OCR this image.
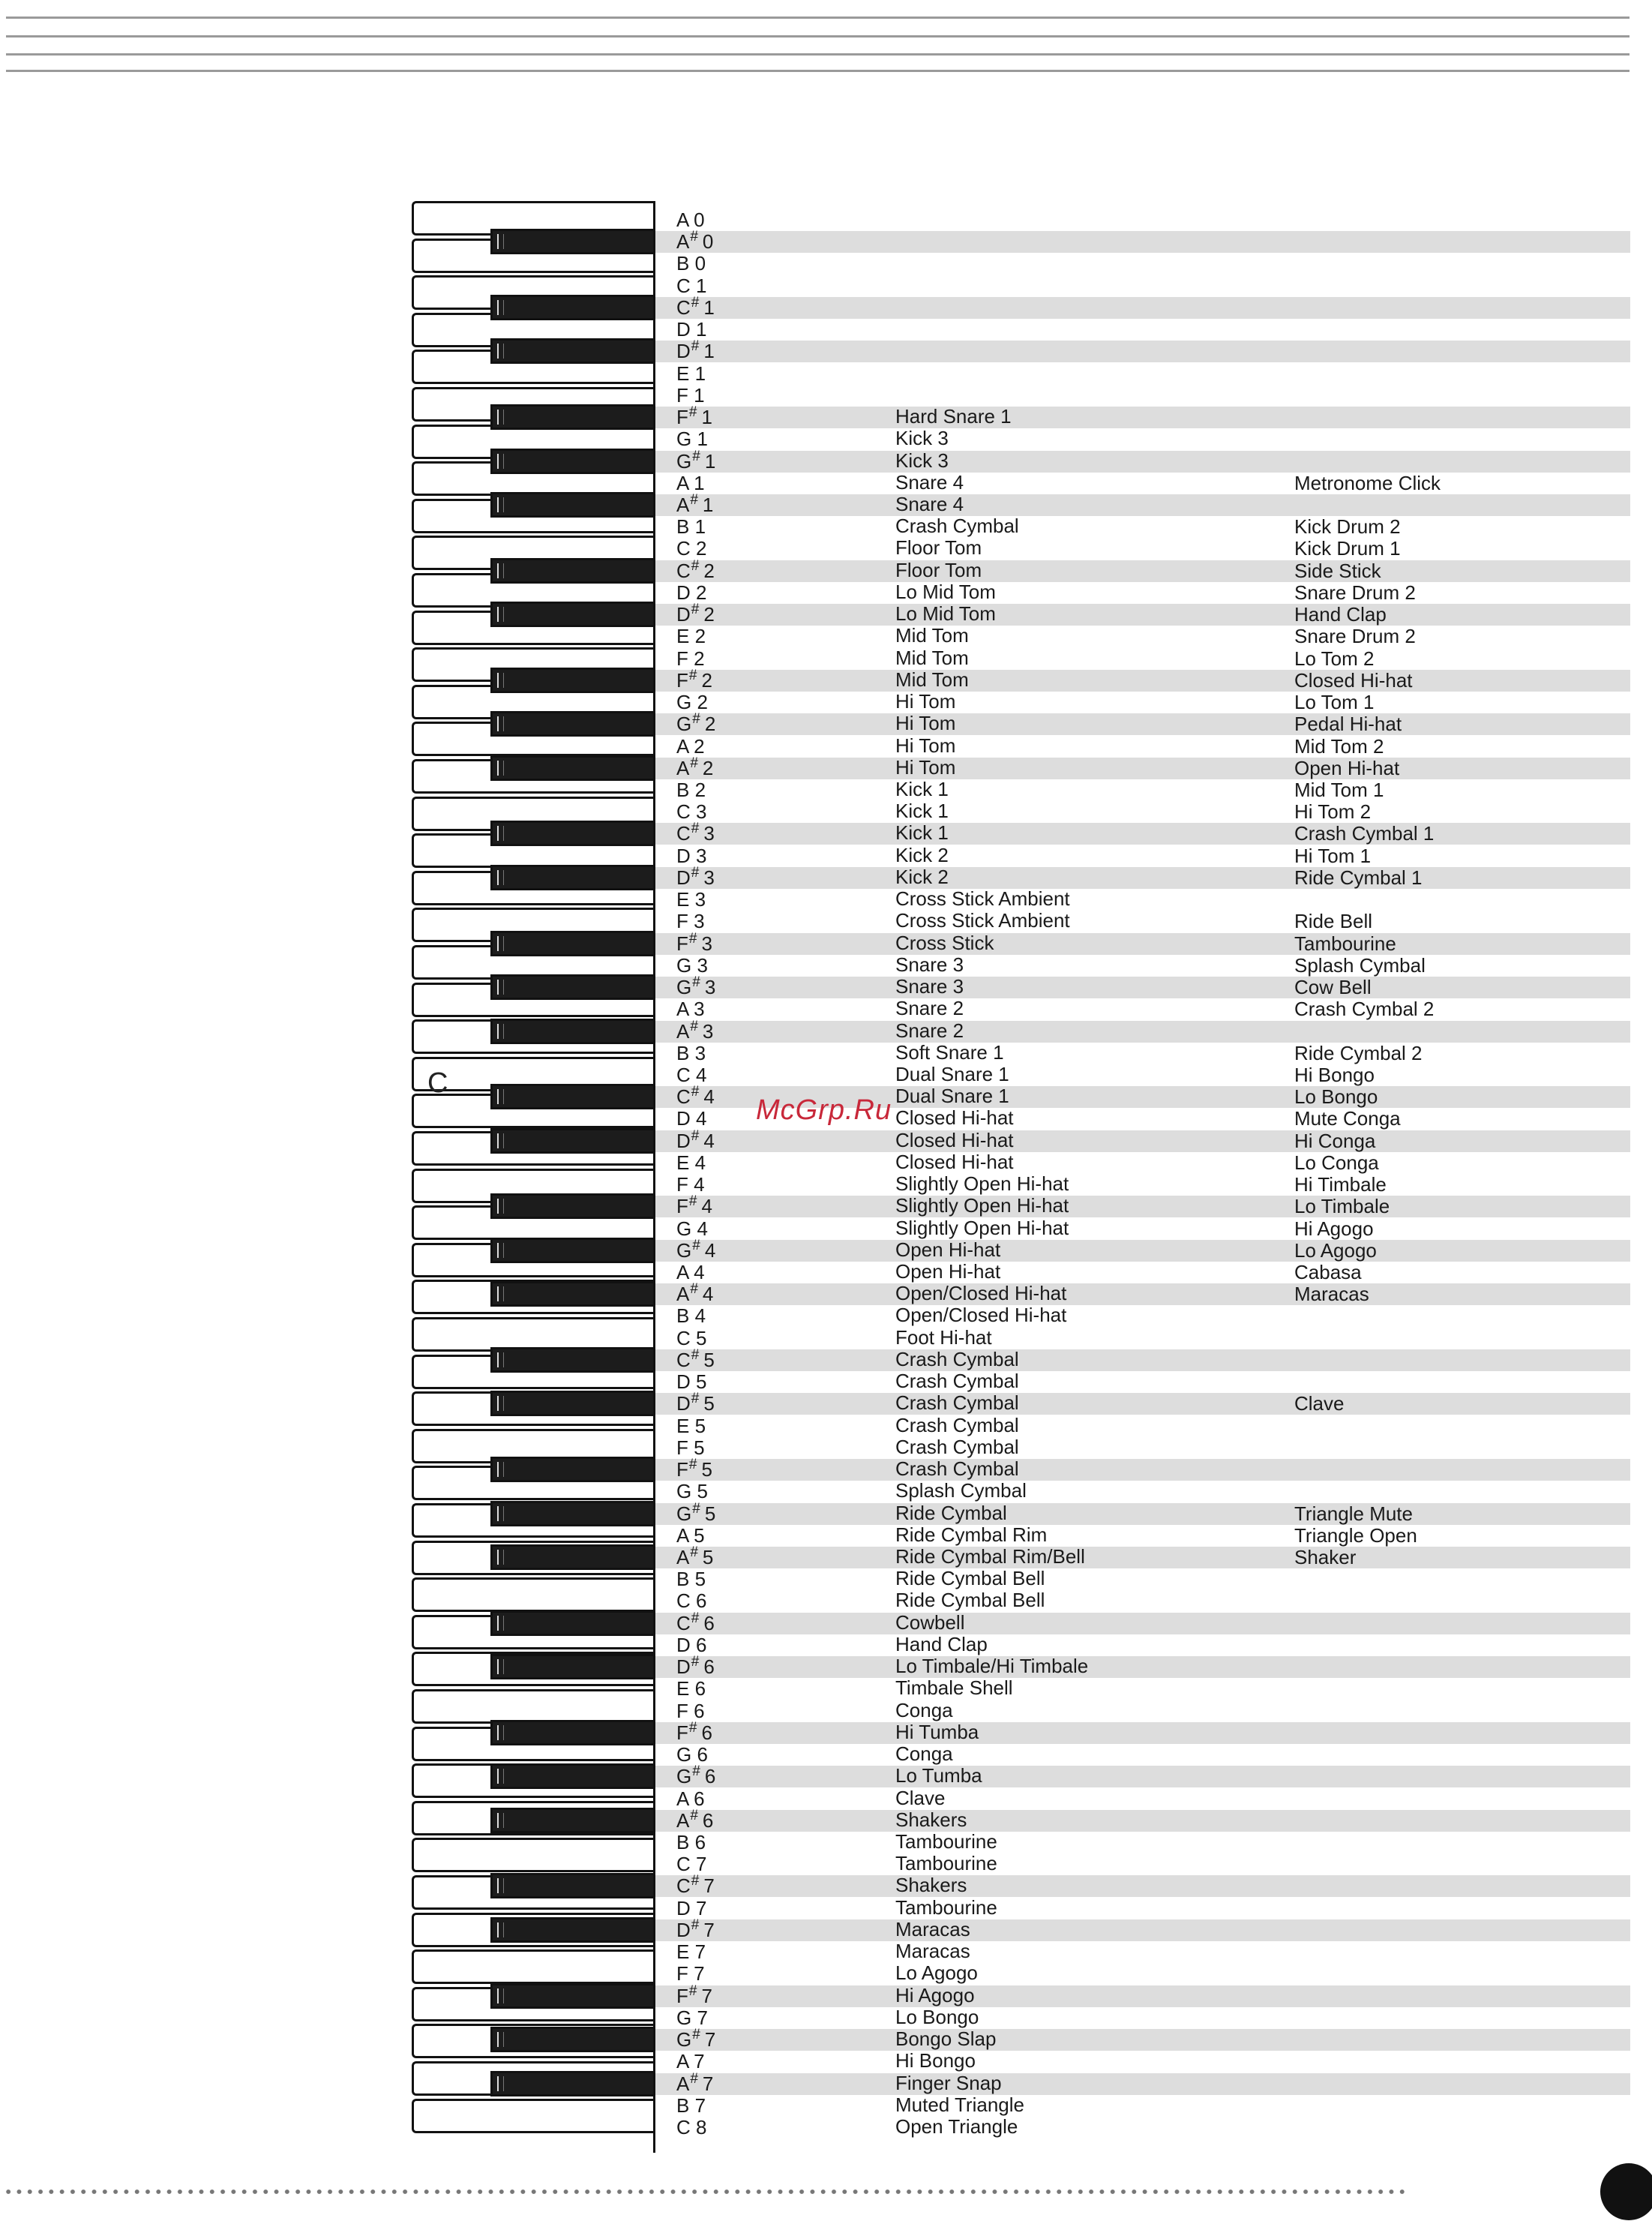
A 0
A# 0
B 0
C 1
C# 1
D 1
D# 1
E 1
F 1
F# 1	Hard Snare 1
G 1	Kick 3
G# 1	Kick 3
A 1	Snare 4	Metronome Click
A# 1	Snare 4
B 1	Crash Cymbal	Kick Drum 2
C 2	Floor Tom	Kick Drum 1
C# 2	Floor Tom	Side Stick
D 2	Lo Mid Tom	Snare Drum 2
D# 2	Lo Mid Tom	Hand Clap
E 2	Mid Tom	Snare Drum 2
F 2	Mid Tom	Lo Tom 2
F# 2	Mid Tom	Closed Hi-hat
G 2	Hi Tom	Lo Tom 1
G# 2	Hi Tom	Pedal Hi-hat
A 2	Hi Tom	Mid Tom 2
A# 2	Hi Tom	Open Hi-hat
B 2	Kick 1	Mid Tom 1
C 3	Kick 1	Hi Tom 2
C# 3	Kick 1	Crash Cymbal 1
D 3	Kick 2	Hi Tom 1
D# 3	Kick 2	Ride Cymbal 1
E 3	Cross Stick Ambient
F 3	Cross Stick Ambient	Ride Bell
F# 3	Cross Stick	Tambourine
G 3	Snare 3	Splash Cymbal
G# 3	Snare 3	Cow Bell
A 3	Snare 2	Crash Cymbal 2
A# 3	Snare 2
B 3	Soft Snare 1	Ride Cymbal 2
C 4	Dual Snare 1	Hi Bongo
C# 4	Dual Snare 1	Lo Bongo
D 4	Closed Hi-hat	Mute Conga
D# 4	Closed Hi-hat	Hi Conga
E 4	Closed Hi-hat	Lo Conga
F 4	Slightly Open Hi-hat	Hi Timbale
F# 4	Slightly Open Hi-hat	Lo Timbale
G 4	Slightly Open Hi-hat	Hi Agogo
G# 4	Open Hi-hat	Lo Agogo
A 4	Open Hi-hat	Cabasa
A# 4	Open/Closed Hi-hat	Maracas
B 4	Open/Closed Hi-hat
C 5	Foot Hi-hat
C# 5	Crash Cymbal
D 5	Crash Cymbal
D# 5	Crash Cymbal	Clave
E 5	Crash Cymbal
F 5	Crash Cymbal
F# 5	Crash Cymbal
G 5	Splash Cymbal
G# 5	Ride Cymbal	Triangle Mute
A 5	Ride Cymbal Rim	Triangle Open
A# 5	Ride Cymbal Rim/Bell	Shaker
B 5	Ride Cymbal Bell
C 6	Ride Cymbal Bell
C# 6	Cowbell
D 6	Hand Clap
D# 6	Lo Timbale/Hi Timbale
E 6	Timbale Shell
F 6	Conga
F# 6	Hi Tumba
G 6	Conga
G# 6	Lo Tumba
A 6	Clave
A# 6	Shakers
B 6	Tambourine
C 7	Tambourine
C# 7	Shakers
D 7	Tambourine
D# 7	Maracas
E 7	Maracas
F 7	Lo Agogo
F# 7	Hi Agogo
G 7	Lo Bongo
G# 7	Bongo Slap
A 7	Hi Bongo
A# 7	Finger Snap
B 7	Muted Triangle
C 8	Open Triangle
C
McGrp.Ru
